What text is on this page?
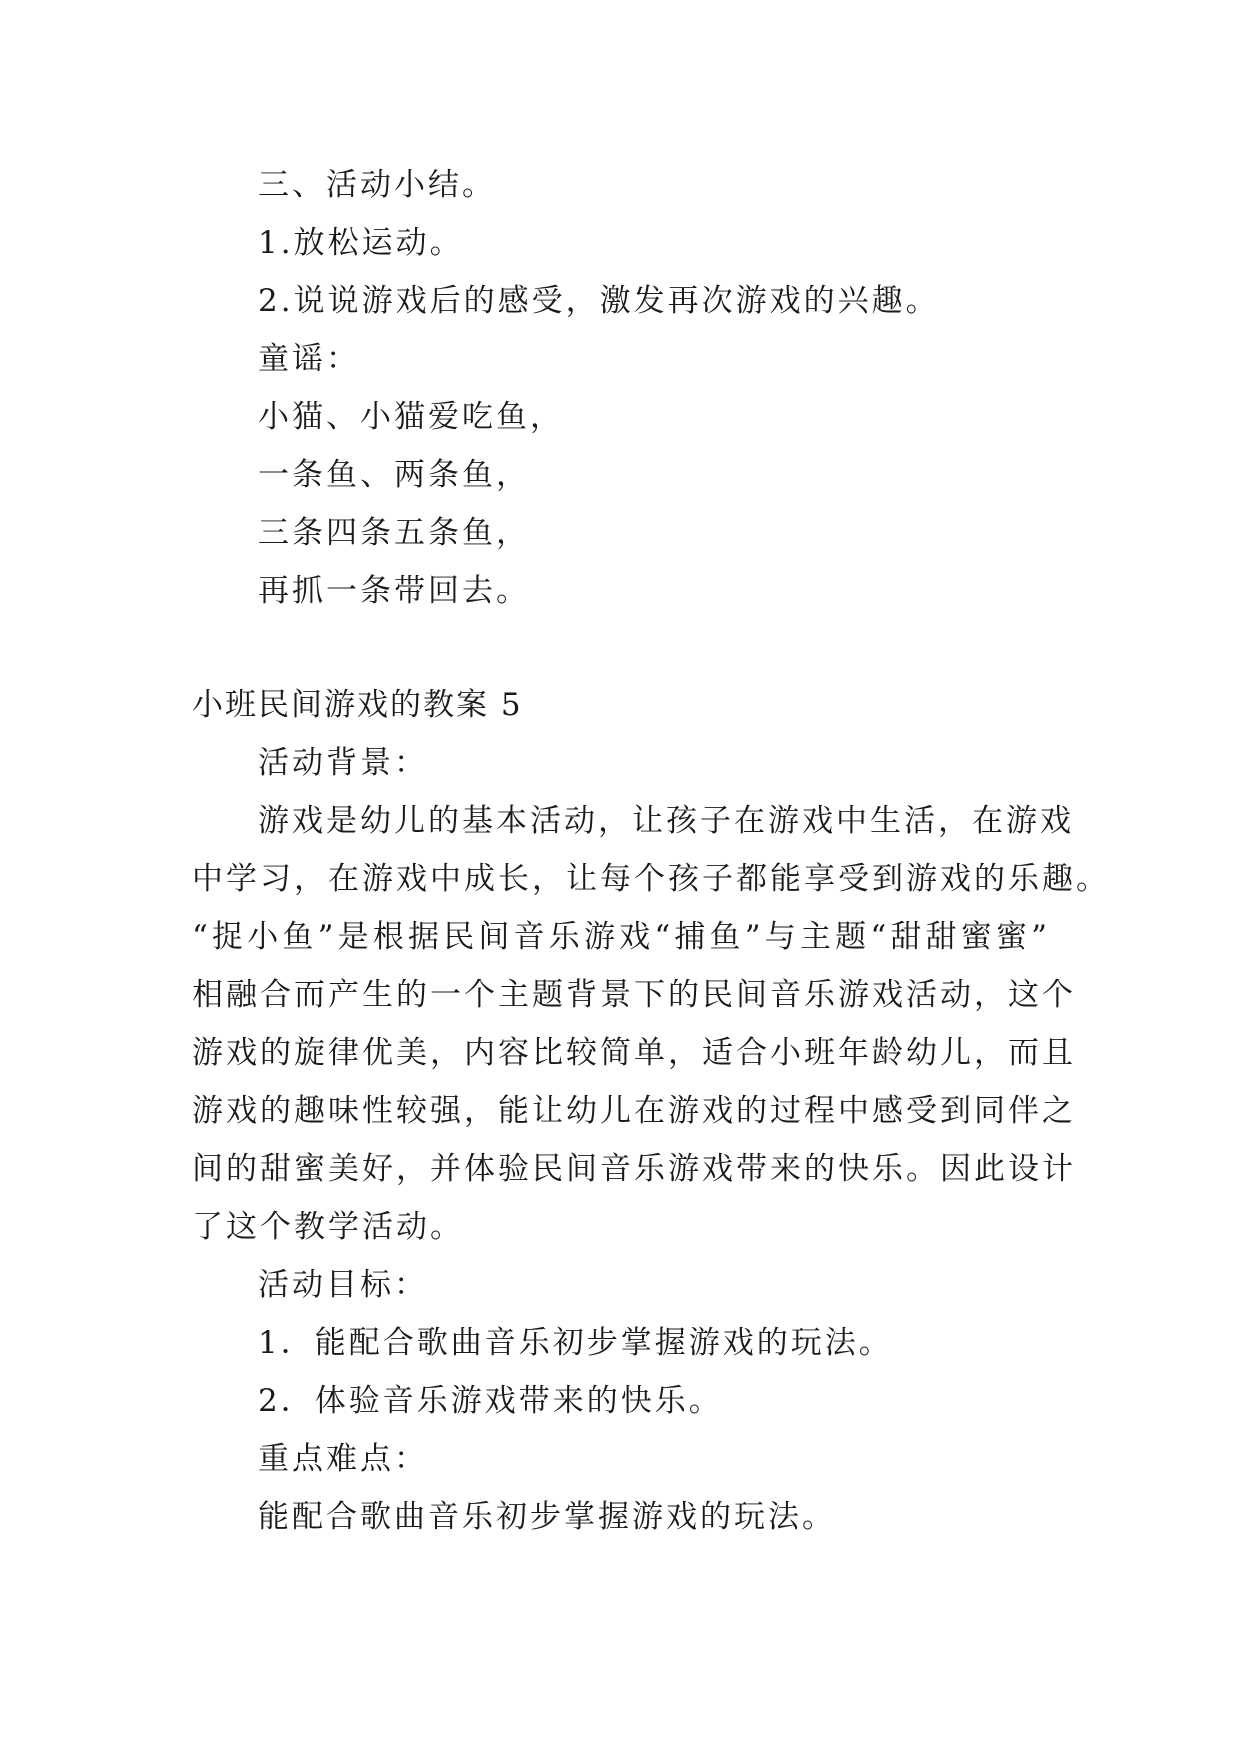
三、活动小结。

1.放松运动。

2.说说游戏后的感受，激发再次游戏的兴趣。

童谣：

小猫、小猫爱吃鱼，

一条鱼、两条鱼，

三条四条五条鱼，

再抓一条带回去。

小班民间游戏的教案 5

活动背景：

游戏是幼儿的基本活动，让孩子在游戏中生活，在游戏

中学习，在游戏中成长，让每个孩子都能享受到游戏的乐趣。

“捉小鱼”是根据民间音乐游戏“捕鱼”与主题“甜甜蜜蜜”

相融合而产生的一个主题背景下的民间音乐游戏活动，这个

游戏的旋律优美，内容比较简单，适合小班年龄幼儿，而且

游戏的趣味性较强，能让幼儿在游戏的过程中感受到同伴之

间的甜蜜美好，并体验民间音乐游戏带来的快乐。因此设计

了这个教学活动。

活动目标：

1．能配合歌曲音乐初步掌握游戏的玩法。

2．体验音乐游戏带来的快乐。

重点难点：

能配合歌曲音乐初步掌握游戏的玩法。
